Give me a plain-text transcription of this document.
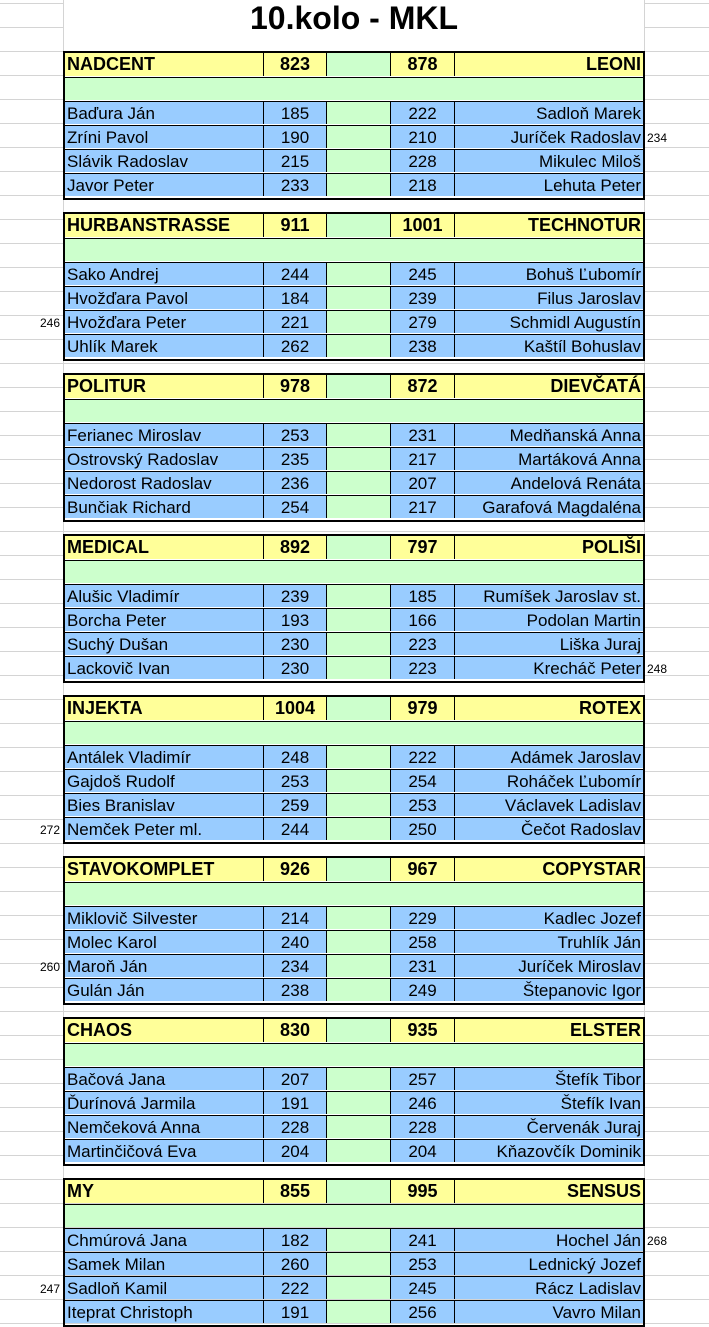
10.kolo - MKL
234
NADCENT	823	878	LEONI
Baďura Ján	185	222	Sadloň Marek
Zríni Pavol	190	210	Juríček Radoslav
Slávik Radoslav	215	228	Mikulec Miloš
Javor Peter	233	218	Lehuta Peter
246
HURBANSTRASSE	911	1001	TECHNOTUR
Sako Andrej	244	245	Bohuš Ľubomír
Hvožďara Pavol	184	239	Filus Jaroslav
Hvožďara Peter	221	279	Schmidl Augustín
Uhlík Marek	262	238	Kaštíl Bohuslav
POLITUR	978	872	DIEVČATÁ
Ferianec Miroslav	253	231	Medňanská Anna
Ostrovský Radoslav	235	217	Martáková Anna
Nedorost Radoslav	236	207	Andelová Renáta
Bunčiak Richard	254	217	Garafová Magdaléna
248
MEDICAL	892	797	POLIŠI
Alušic Vladimír	239	185	Rumíšek Jaroslav st.
Borcha Peter	193	166	Podolan Martin
Suchý Dušan	230	223	Liška Juraj
Lackovič Ivan	230	223	Krecháč Peter
272
INJEKTA	1004	979	ROTEX
Antálek Vladimír	248	222	Adámek Jaroslav
Gajdoš Rudolf	253	254	Roháček Ľubomír
Bies Branislav	259	253	Václavek Ladislav
Nemček Peter ml.	244	250	Čečot Radoslav
260
STAVOKOMPLET	926	967	COPYSTAR
Miklovič Silvester	214	229	Kadlec Jozef
Molec Karol	240	258	Truhlík Ján
Maroň Ján	234	231	Juríček Miroslav
Gulán Ján	238	249	Štepanovic Igor
CHAOS	830	935	ELSTER
Bačová Jana	207	257	Štefík Tibor
Ďurínová Jarmila	191	246	Štefík Ivan
Nemčeková Anna	228	228	Červenák Juraj
Martinčičová Eva	204	204	Kňazovčík Dominik
268
247
MY	855	995	SENSUS
Chmúrová Jana	182	241	Hochel Ján
Samek Milan	260	253	Lednický Jozef
Sadloň Kamil	222	245	Rácz Ladislav
Iteprat Christoph	191	256	Vavro Milan
